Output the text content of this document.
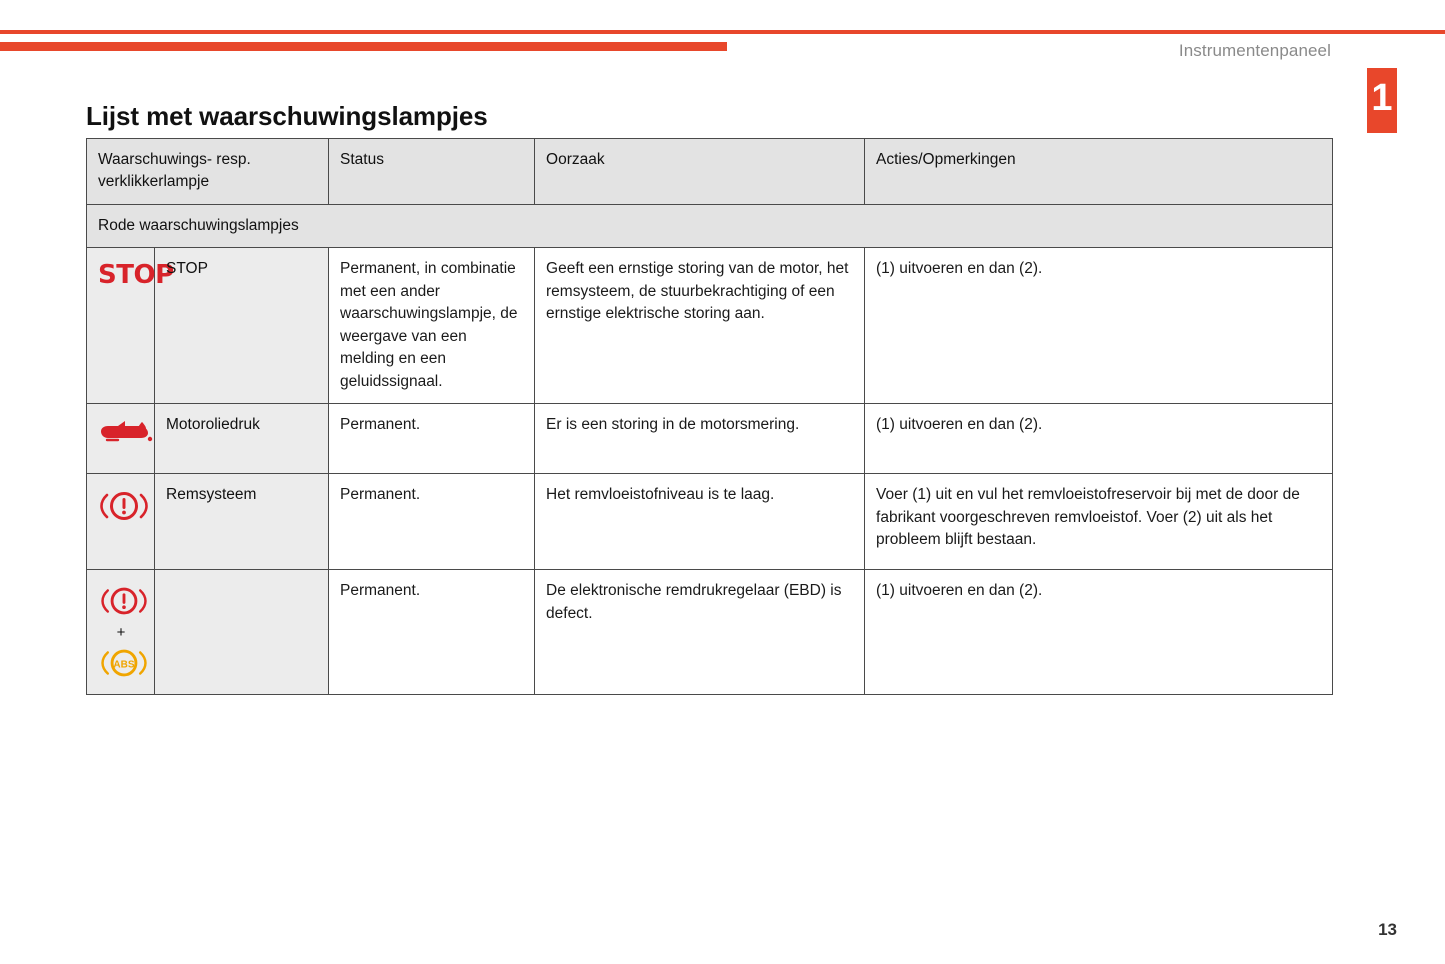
Instrumentenpaneel
1
Lijst met waarschuwingslampjes
Waarschuwings- resp.
verklikkerlampje		Status	Oorzaak	Acties/Opmerkingen
Rode waarschuwingslampjes				
STOP	STOP	Permanent, in combinatie met een ander waarschuwingslampje, de weergave van een melding en een geluidssignaal.	Geeft een ernstige storing van de motor, het remsysteem, de stuurbekrachtiging of een ernstige elektrische storing aan.	(1) uitvoeren en dan (2).

	Motoroliedruk	Permanent.	Er is een storing in de motorsmering.	(1) uitvoeren en dan (2).

	Remsysteem	Permanent.	Het remvloeistofniveau is te laag.	Voer (1) uit en vul het remvloeistofreservoir bij met de door de fabrikant voorgeschreven remvloeistof. Voer (2) uit als het probleem blijft bestaan.

+
ABS		Permanent.	De elektronische remdrukregelaar (EBD) is defect.	(1) uitvoeren en dan (2).
13
